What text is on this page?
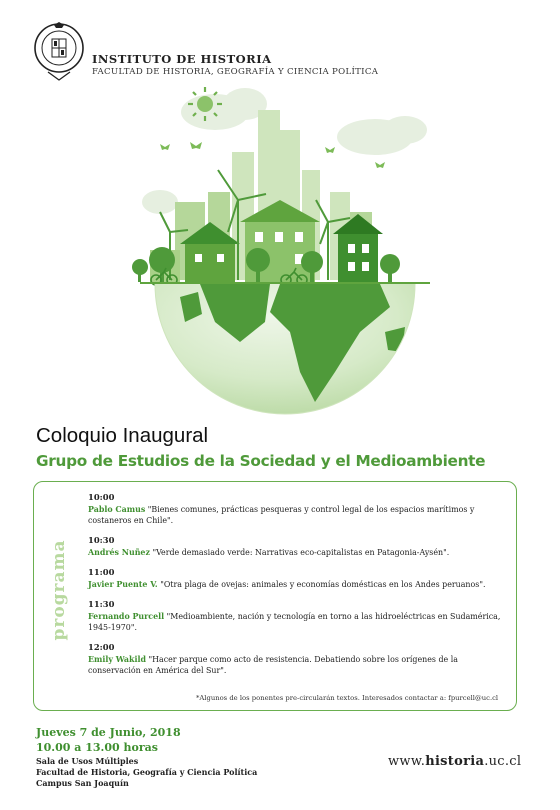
INSTITUTO DE HISTORIA
FACULTAD DE HISTORIA, GEOGRAFÍA Y CIENCIA POLÍTICA
Coloquio Inaugural
Grupo de Estudios de la Sociedad y el Medioambiente
programa
10:00
Pablo Camus "Bienes comunes, prácticas pesqueras y control legal de los espacios marítimos y costaneros en Chile".
10:30
Andrés Nuñez "Verde demasiado verde: Narrativas eco-capitalistas en Patagonia-Aysén".
11:00
Javier Puente V. "Otra plaga de ovejas: animales y economías domésticas en los Andes peruanos".
11:30
Fernando Purcell "Medioambiente, nación y tecnología en torno a las hidroeléctricas en Sudamérica, 1945-1970".
12:00
Emily Wakild "Hacer parque como acto de resistencia. Debatiendo sobre los orígenes de la conservación en América del Sur".
*Algunos de los ponentes pre-circularán textos. Interesados contactar a: fpurcell@uc.cl
Jueves 7 de Junio, 2018
10.00 a 13.00 horas
Sala de Usos Múltiples
Facultad de Historia, Geografía y Ciencia Política
Campus San Joaquín
www.historia.uc.cl
